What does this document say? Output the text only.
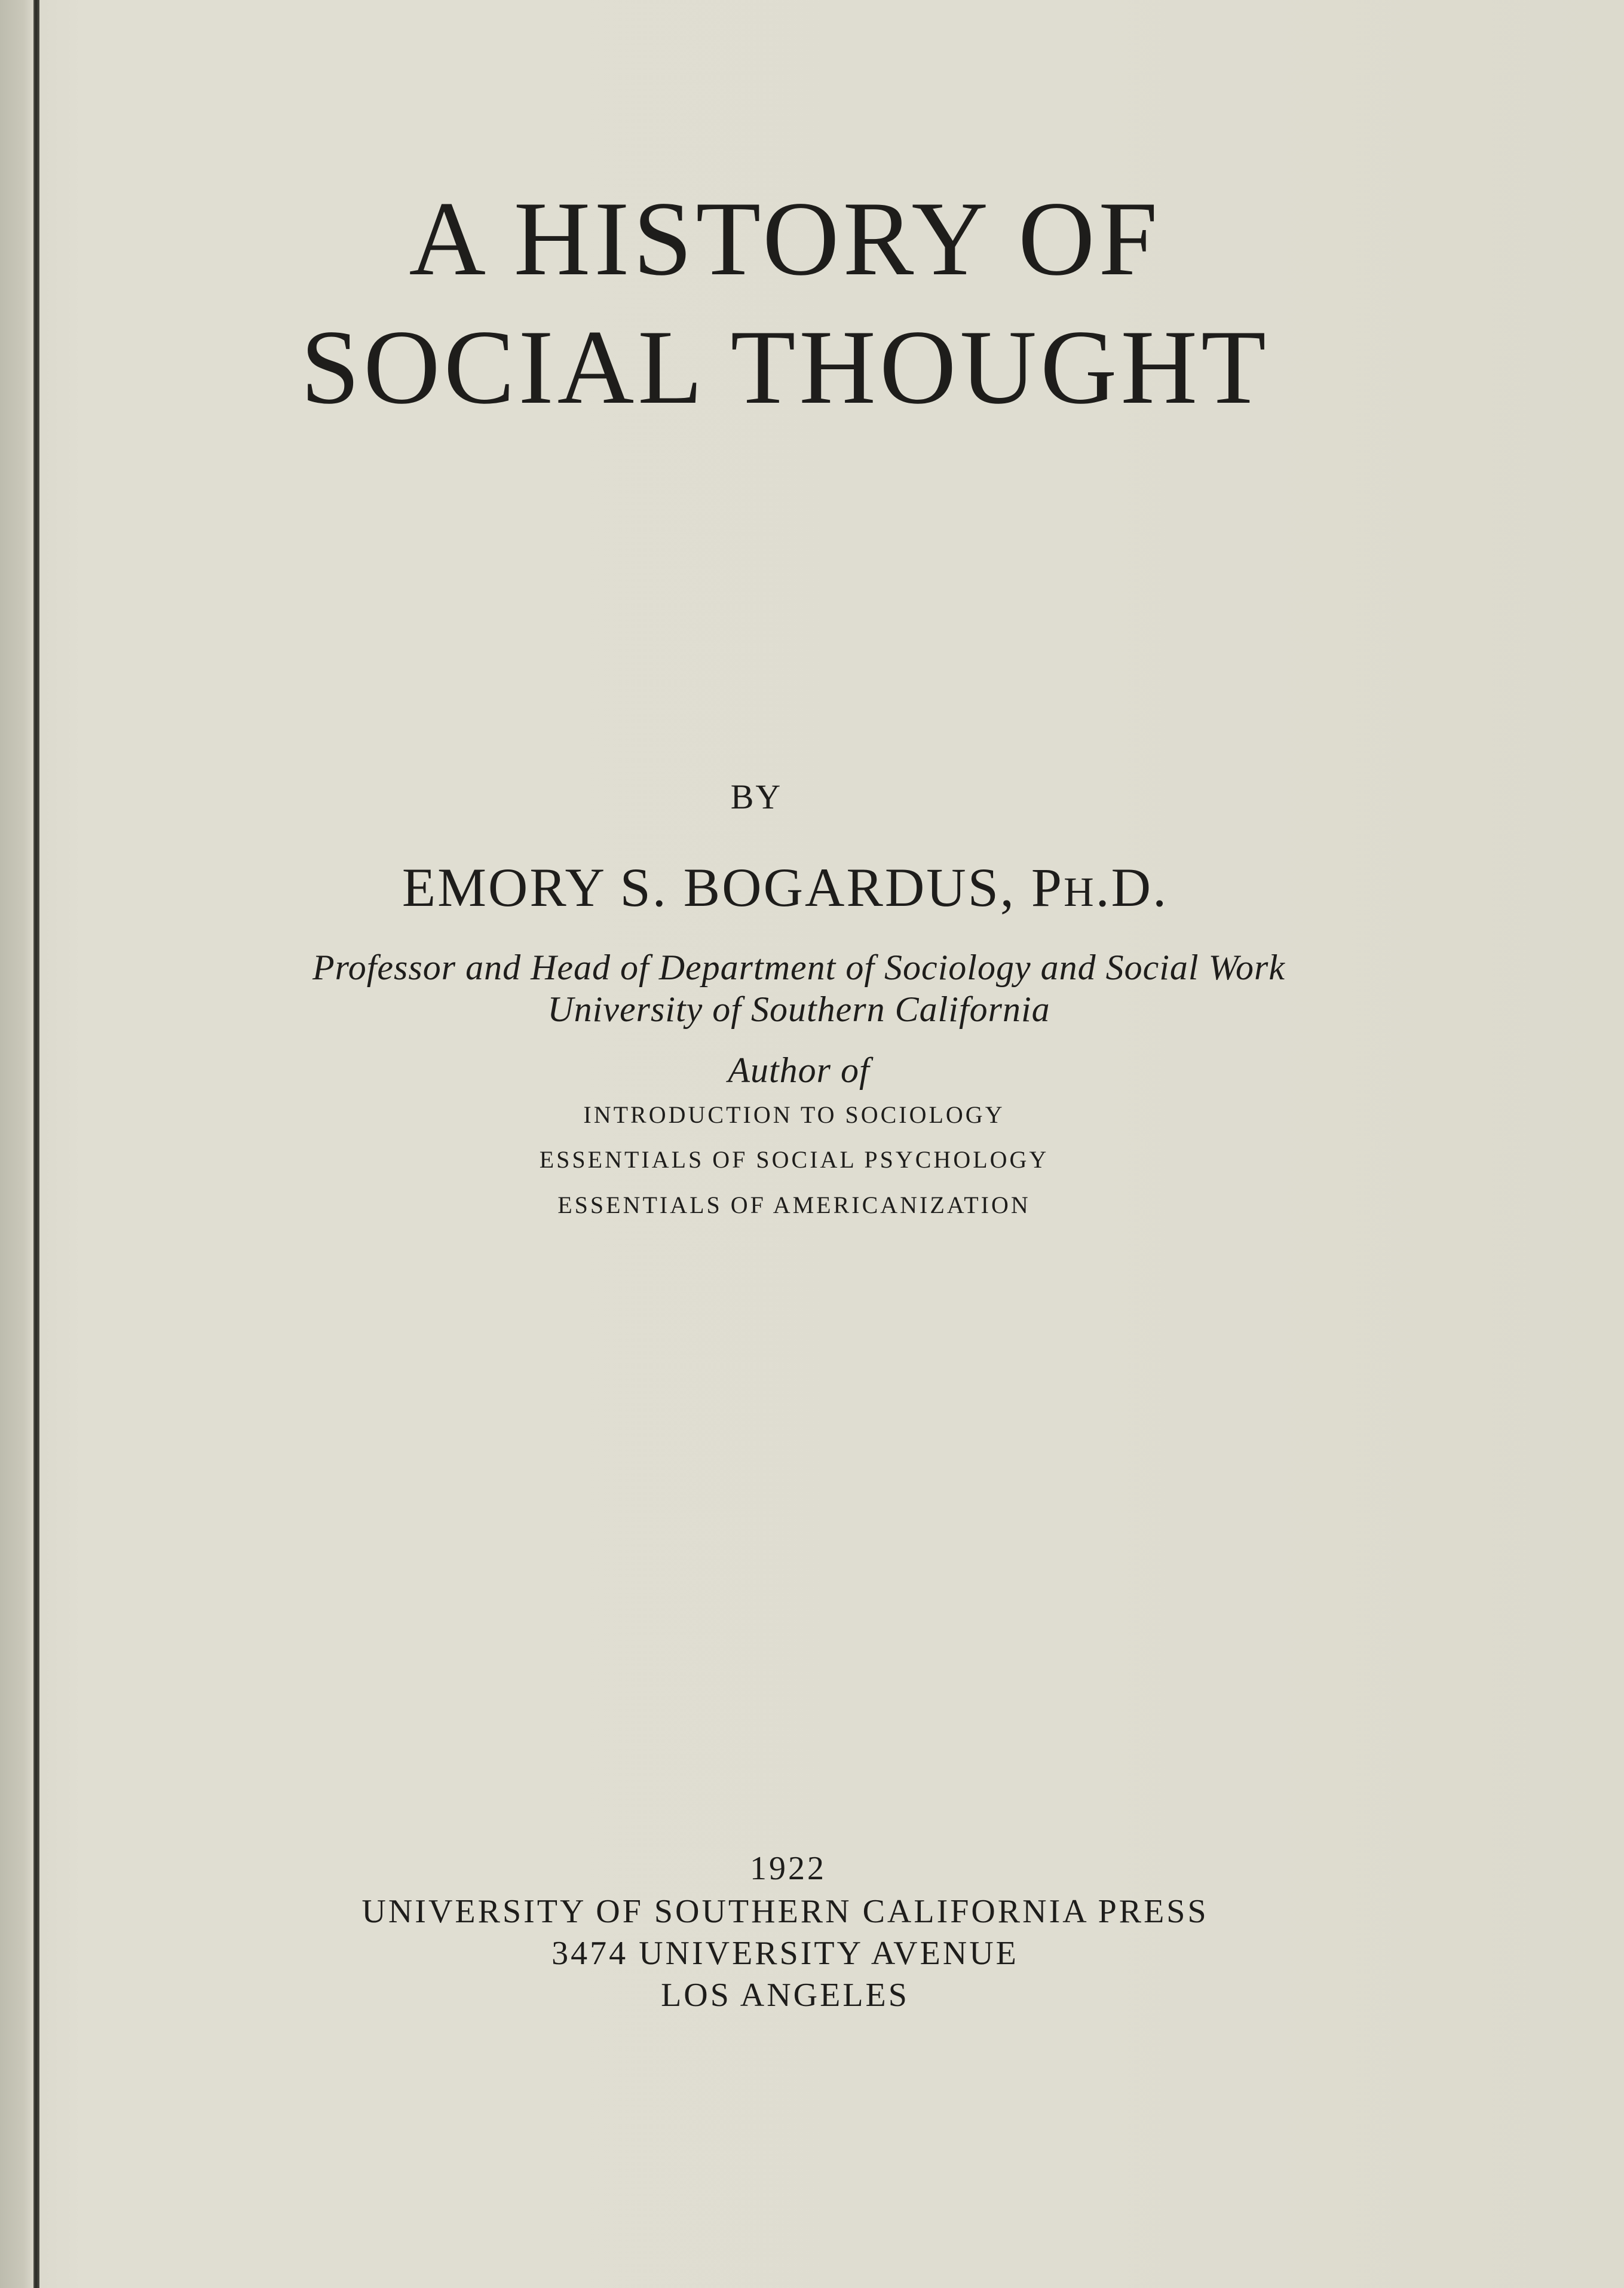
A HISTORY OF
SOCIAL THOUGHT
BY
EMORY S. BOGARDUS, PH.D.
Professor and Head of Department of Sociology and Social Work
University of Southern California
Author of
INTRODUCTION TO SOCIOLOGY
ESSENTIALS OF SOCIAL PSYCHOLOGY
ESSENTIALS OF AMERICANIZATION
1922
UNIVERSITY OF SOUTHERN CALIFORNIA PRESS
3474 UNIVERSITY AVENUE
LOS ANGELES
